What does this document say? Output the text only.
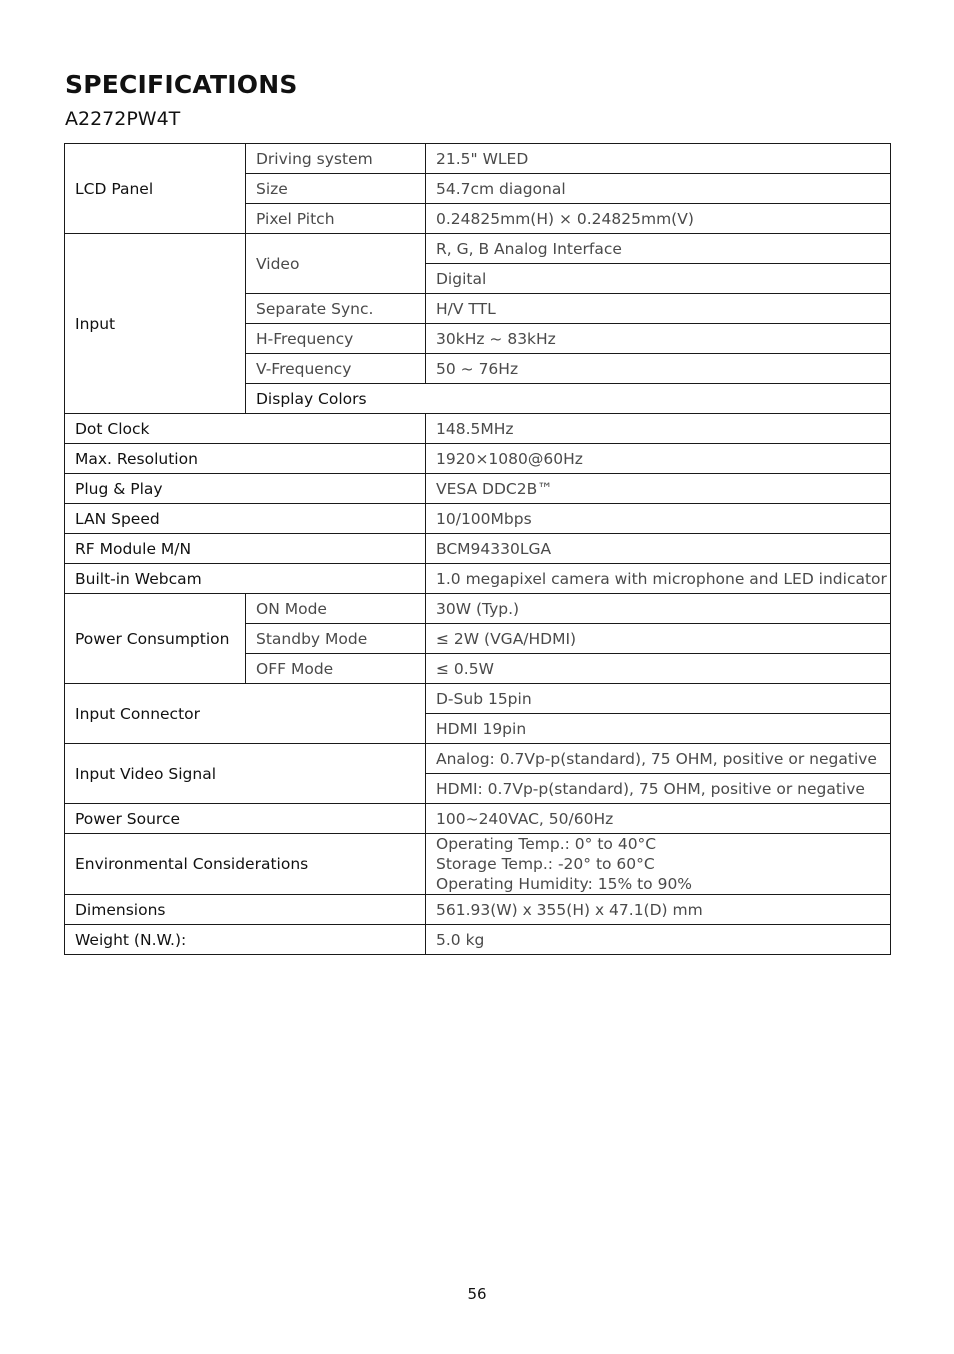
SPECIFICATIONS
A2272PW4T
LCD Panel	Driving system	21.5" WLED	
	Size	54.7cm diagonal	
	Pixel Pitch	0.24825mm(H) × 0.24825mm(V)	
Input	Video	R, G, B Analog Interface	
		Digital	
	Separate Sync.	H/V TTL	
	H-Frequency	30kHz ~ 83kHz	
	V-Frequency	50 ~ 76Hz	
	Display Colors	
Dot Clock		148.5MHz	
Max. Resolution		1920×1080@60Hz	
Plug & Play		VESA DDC2B™	
LAN Speed		10/100Mbps	
RF Module M/N		BCM94330LGA	
Built-in Webcam		1.0 megapixel camera with microphone and LED indicator	
Power Consumption	ON Mode	30W (Typ.)	
	Standby Mode	≤ 2W (VGA/HDMI)	
	OFF Mode	≤ 0.5W	
Input Connector		D-Sub 15pin	
		HDMI 19pin	
Input Video Signal		Analog: 0.7Vp-p(standard), 75 OHM, positive or negative	
		HDMI: 0.7Vp-p(standard), 75 OHM, positive or negative	
Power Source		100~240VAC, 50/60Hz	
Environmental Considerations		Operating Temp.: 0° to 40°C
Storage Temp.: -20° to 60°C
Operating Humidity: 15% to 90%	

Dimensions		561.93(W) x 355(H) x 47.1(D) mm	
Weight (N.W.):		5.0 kg	
56
